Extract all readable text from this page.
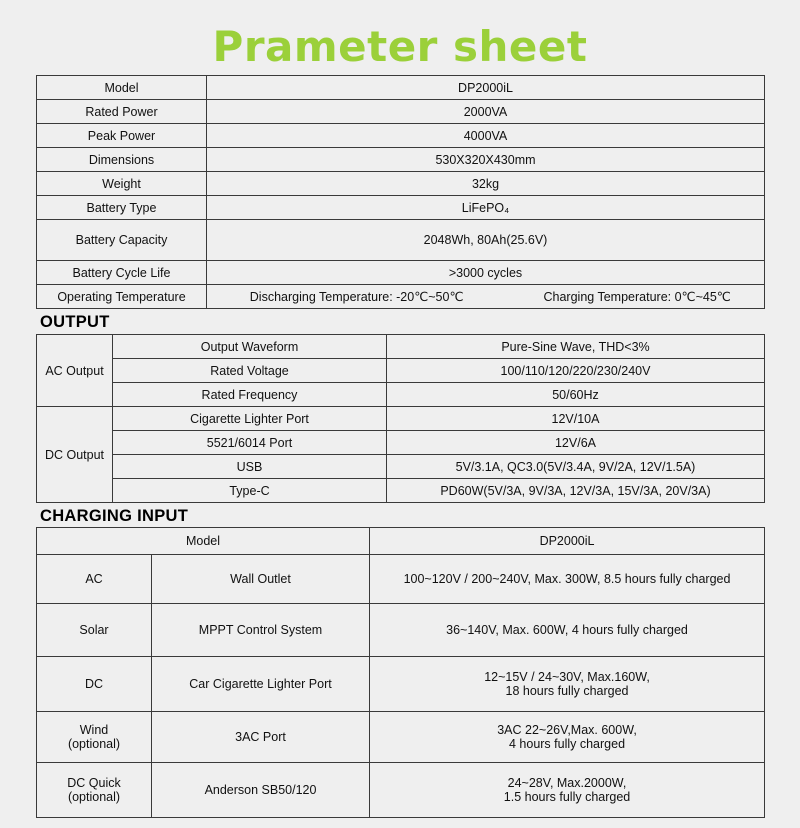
Prameter sheet
Model	DP2000iL	
Rated Power	2000VA	
Peak Power	4000VA	
Dimensions	530X320X430mm	
Weight	32kg	
Battery Type	LiFePO₄	
Battery Capacity	2048Wh, 80Ah(25.6V)	
Battery Cycle Life	>3000 cycles	
Operating Temperature	Discharging Temperature: -20℃~50℃	Charging Temperature: 0℃~45℃
OUTPUT
AC Output	Output Waveform	Pure-Sine Wave, THD<3%
	Rated Voltage	100/110/120/220/230/240V
	Rated Frequency	50/60Hz
DC Output	Cigarette Lighter Port	12V/10A
	5521/6014 Port	12V/6A
	USB	5V/3.1A, QC3.0(5V/3.4A, 9V/2A, 12V/1.5A)
	Type-C	PD60W(5V/3A, 9V/3A, 12V/3A, 15V/3A, 20V/3A)
CHARGING INPUT
Model		DP2000iL

AC	Wall Outlet	100~120V / 200~240V, Max. 300W, 8.5 hours fully charged

Solar	MPPT Control System	36~140V, Max. 600W, 4 hours fully charged

DC	Car Cigarette Lighter Port	12~15V / 24~30V, Max.160W,
18 hours fully charged

Wind
(optional)	3AC Port	3AC 22~26V,Max. 600W,
4 hours fully charged

DC Quick
(optional)	Anderson SB50/120	24~28V, Max.2000W,
1.5 hours fully charged
